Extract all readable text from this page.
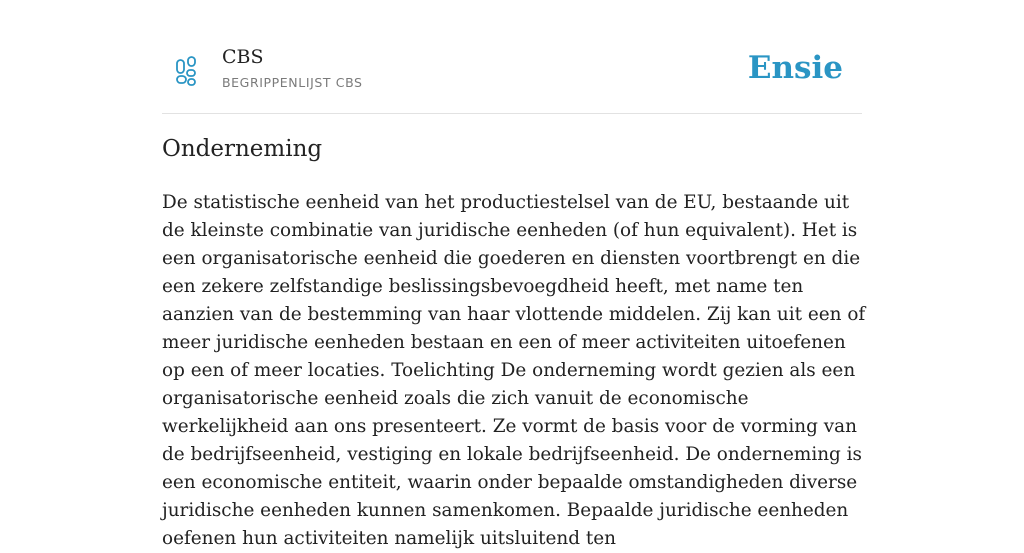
CBS
BEGRIPPENLIJST CBS	Ensie
Onderneming

De statistische eenheid van het productiestelsel van de EU, bestaande uit de kleinste combinatie van juridische eenheden (of hun equivalent). Het is een organisatorische eenheid die goederen en diensten voortbrengt en die een zekere zelfstandige beslissingsbevoegdheid heeft, met name ten aanzien van de bestemming van haar vlottende middelen. Zij kan uit een of meer juridische eenheden bestaan en een of meer activiteiten uitoefenen op een of meer locaties. Toelichting De onderneming wordt gezien als een organisatorische eenheid zoals die zich vanuit de economische werkelijkheid aan ons presenteert. Ze vormt de basis voor de vorming van de bedrijfseenheid, vestiging en lokale bedrijfseenheid. De onderneming is een economische entiteit, waarin onder bepaalde omstandigheden diverse juridische eenheden kunnen samenkomen. Bepaalde juridische eenheden oefenen hun activiteiten namelijk uitsluitend ten
